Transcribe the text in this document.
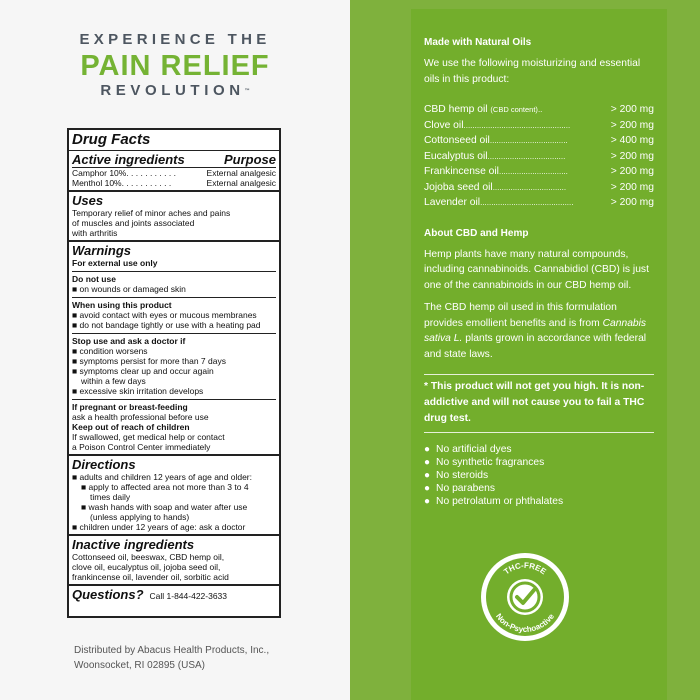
EXPERIENCE THE
PAIN RELIEF
REVOLUTION™
Drug Facts
Active ingredients	Purpose
Camphor 10%. . . . . . . . . . .	External analgesic
Menthol 10%. . . . . . . . . . .	External analgesic
Uses
Temporary relief of minor aches and pains
of muscles and joints associated
with arthritis
Warnings
For external use only
Do not use
■ on wounds or damaged skin
When using this product
■ avoid contact with eyes or mucous membranes
■ do not bandage tightly or use with a heating pad
Stop use and ask a doctor if
■ condition worsens
■ symptoms persist for more than 7 days
■ symptoms clear up and occur again
within a few days
■ excessive skin irritation develops
If pregnant or breast-feeding
ask a health professional before use
Keep out of reach of children
If swallowed, get medical help or contact
a Poison Control Center immediately
Directions
■ adults and children 12 years of age and older:
■ apply to affected area not more than 3 to 4
times daily
■ wash hands with soap and water after use
(unless applying to hands)
■ children under 12 years of age: ask a doctor
Inactive ingredients
Cottonseed oil, beeswax, CBD hemp oil,
clove oil, eucalyptus oil, jojoba seed oil,
frankincense oil, lavender oil, sorbitic acid
Questions? Call 1-844-422-3633
Distributed by Abacus Health Products, Inc.,
Woonsocket, RI 02895 (USA)
Made with Natural Oils
We use the following moisturizing and essential oils in this product:
CBD hemp oil (CBD content) ..	> 200 mg
Clove oil ................................................	> 200 mg
Cottonseed oil ...................................	> 400 mg
Eucalyptus oil ...................................	> 200 mg
Frankincense oil ...............................	> 200 mg
Jojoba seed oil .................................	> 200 mg
Lavender oil ..........................................	> 200 mg
About CBD and Hemp
Hemp plants have many natural compounds, including cannabinoids. Cannabidiol (CBD) is just one of the cannabinoids in our CBD hemp oil.
The CBD hemp oil used in this formulation provides emollient benefits and is from Cannabis sativa L. plants grown in accordance with federal and state laws.
* This product will not get you high. It is non-addictive and will not cause you to fail a THC drug test.
● No artificial dyes
● No synthetic fragrances
● No steroids
● No parabens
● No petrolatum or phthalates
THC-FREE
Non-Psychoactive
